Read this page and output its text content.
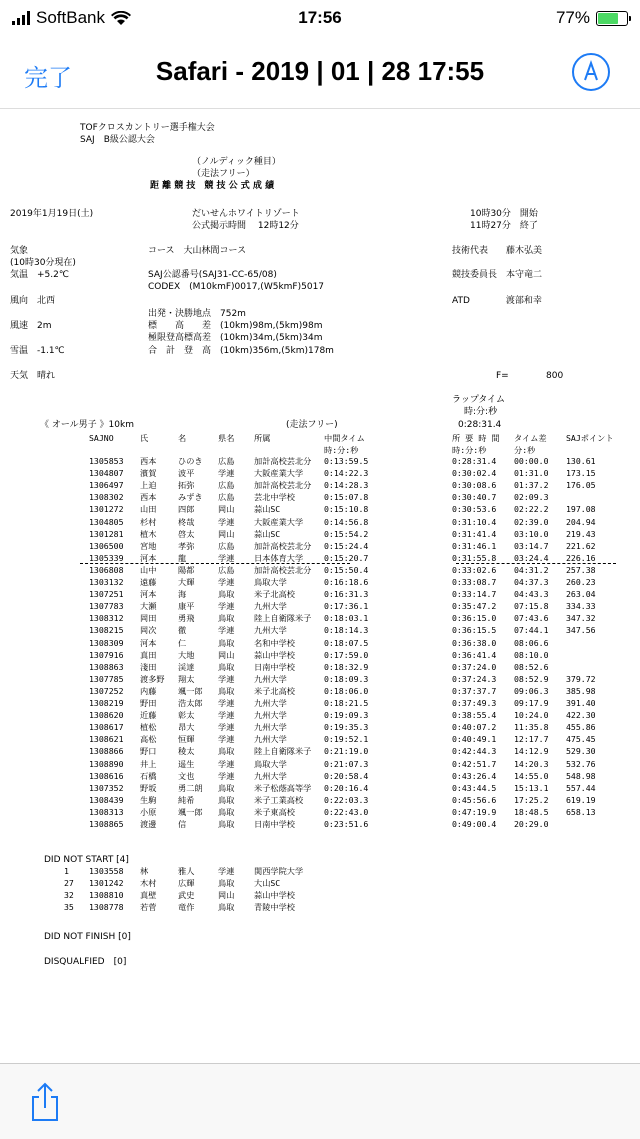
SoftBank	17:56	77%
完了	Safari - 2019 | 01 | 28 17:55
TOFクロスカントリー選手権大会
SAJ　B級公認大会
（ノルディック種目）
（走法フリー）
距 離 競 技　競 技 公 式 成 績
2019年1月19日(土)	だいせんホワイトリゾート
公式掲示時間　 12時12分
10時30分　開始
11時27分　終了
気象
(10時30分現在)
気温　+5.2℃
コース　大山林間コース	技術代表　　藤木弘美
SAJ公認番号(SAJ31-CC-65/08)
CODEX　(M10kmF)0017,(W5kmF)5017
競技委員長　本守竜二
風向　北西	ATD　　　　渡部和幸
出発・決勝地点　752m
風速　2m	標　　高　　差　(10km)98m,(5km)98m
極限登高標高差　(10km)34m,(5km)34m
雪温　-1.1℃	合　計　登　高　(10km)356m,(5km)178m
天気　晴れ	F=	800
ラップタイム
時:分:秒
《 オール男子 》10km	(走法フリー)	0:28:31.4
SAJNO	氏	名	県名 所属	中間タイム	所 要 時 間 タイム差 SAJポイント
時:分:秒	時:分:秒	分:秒
1305853 西本	ひのき 広島 加計高校芸北分 0:13:59.5	0:28:31.4 00:00.0 130.61
1304807 濱賀	波平	学連 大阪産業大学	0:14:22.3	0:30:02.4 01:31.0 173.15
1306497 上迫	拓弥	広島 加計高校芸北分 0:14:28.3	0:30:08.6 01:37.2 176.05
1308302 西本	みずき 広島 芸北中学校	0:15:07.8	0:30:40.7 02:09.3
1301272 山田	四郎	岡山 蒜山SC	0:15:10.8	0:30:53.6 02:22.2 197.08
1304805 杉村	柊哉	学連 大阪産業大学	0:14:56.8	0:31:10.4 02:39.0 204.94
1301281 植木	啓太	岡山 蒜山SC	0:15:54.2	0:31:41.4 03:10.0 219.43
1306500 宮地	孝弥	広島 加計高校芸北分 0:15:24.4	0:31:46.1 03:14.7 221.62
1305339 河本	龍	学連 日本体育大学	0:15:20.7	0:31:55.8 03:24.4 226.16
1306808 山中	陽都	広島 加計高校芸北分 0:15:50.4	0:33:02.6 04:31.2 257.38
1303132 遠藤	大輝	学連 鳥取大学	0:16:18.6	0:33:08.7 04:37.3 260.23
1307251 河本	海	鳥取 米子北高校	0:16:31.3	0:33:14.7 04:43.3 263.04
1307783 大瀬	康平	学連 九州大学	0:17:36.1	0:35:47.2 07:15.8 334.33
1308312 岡田	勇飛	鳥取 陸上自衛隊米子 0:18:03.1	0:36:15.0 07:43.6 347.32
1308215 岡次	徹	学連 九州大学	0:18:14.3	0:36:15.5 07:44.1 347.56
1308309 河本	仁	鳥取 名和中学校	0:18:07.5	0:36:38.0 08:06.6
1307916 真田	大地	岡山 蒜山中学校	0:17:59.0	0:36:41.4 08:10.0
1308863 淺田	渓達	鳥取 日南中学校	0:18:32.9	0:37:24.0 08:52.6
1307785 渡多野 翔太	学連 九州大学	0:18:09.3	0:37:24.3 08:52.9 379.72
1307252 内藤	颯一郎 鳥取 米子北高校	0:18:06.0	0:37:37.7 09:06.3 385.98
1308219 野田	浩太郎 学連 九州大学	0:18:21.5	0:37:49.3 09:17.9 391.40
1308620 近藤	彰太	学連 九州大学	0:19:09.3	0:38:55.4 10:24.0 422.30
1308617 植松	昂大	学連 九州大学	0:19:35.3	0:40:07.2 11:35.8 455.86
1308621 高松	恒輝	学連 九州大学	0:19:52.1	0:40:49.1 12:17.7 475.45
1308866 野口	稜太	鳥取 陸上自衛隊米子 0:21:19.0	0:42:44.3 14:12.9 529.30
1308890 井上	遥生	学連 鳥取大学	0:21:07.3	0:42:51.7 14:20.3 532.76
1308616 石橋	文也	学連 九州大学	0:20:58.4	0:43:26.4 14:55.0 548.98
1307352 野坂	勇二朗 鳥取 米子松蔭高等学 0:20:16.4	0:43:44.5 15:13.1 557.44
1308439 生駒	純希	鳥取 米子工業高校	0:22:03.3	0:45:56.6 17:25.2 619.19
1308313 小原	颯一郎 鳥取 米子東高校	0:22:43.0	0:47:19.9 18:48.5 658.13
1308865 渡邊	信	鳥取 日南中学校	0:23:51.6	0:49:00.4 20:29.0
DID NOT START [4]
1 1303558 林	雅人	学連 関西学院大学
27 1301242 木村	広輝	鳥取 大山SC
32 1308810 真壁	武史	岡山 蒜山中学校
35 1308778 若菅	竜作	鳥取 青陵中学校
DID NOT FINISH [0]
DISQUALFIED　[0]
